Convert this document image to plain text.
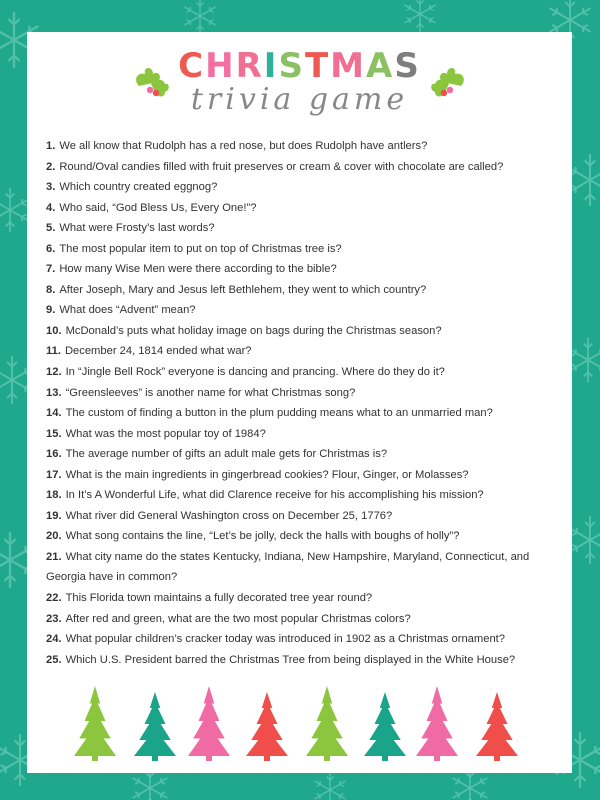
CHRISTMAS
trivia game
1. We all know that Rudolph has a red nose, but does Rudolph have antlers?
2. Round/Oval candies filled with fruit preserves or cream & cover with chocolate are called?
3. Which country created eggnog?
4. Who said, “God Bless Us, Every One!”?
5. What were Frosty’s last words?
6. The most popular item to put on top of Christmas tree is?
7. How many Wise Men were there according to the bible?
8. After Joseph, Mary and Jesus left Bethlehem, they went to which country?
9. What does “Advent” mean?
10. McDonald’s puts what holiday image on bags during the Christmas season?
11. December 24, 1814 ended what war?
12. In “Jingle Bell Rock” everyone is dancing and prancing. Where do they do it?
13. “Greensleeves” is another name for what Christmas song?
14. The custom of finding a button in the plum pudding means what to an unmarried man?
15. What was the most popular toy of 1984?
16. The average number of gifts an adult male gets for Christmas is?
17. What is the main ingredients in gingerbread cookies? Flour, Ginger, or Molasses?
18. In It’s A Wonderful Life, what did Clarence receive for his accomplishing his mission?
19. What river did General Washington cross on December 25, 1776?
20. What song contains the line, “Let’s be jolly, deck the halls with boughs of holly”?
21. What city name do the states Kentucky, Indiana, New Hampshire, Maryland, Connecticut, and Georgia have in common?
22. This Florida town maintains a fully decorated tree year round?
23. After red and green, what are the two most popular Christmas colors?
24. What popular children’s cracker today was introduced in 1902 as a Christmas ornament?
25. Which U.S. President barred the Christmas Tree from being displayed in the White House?
